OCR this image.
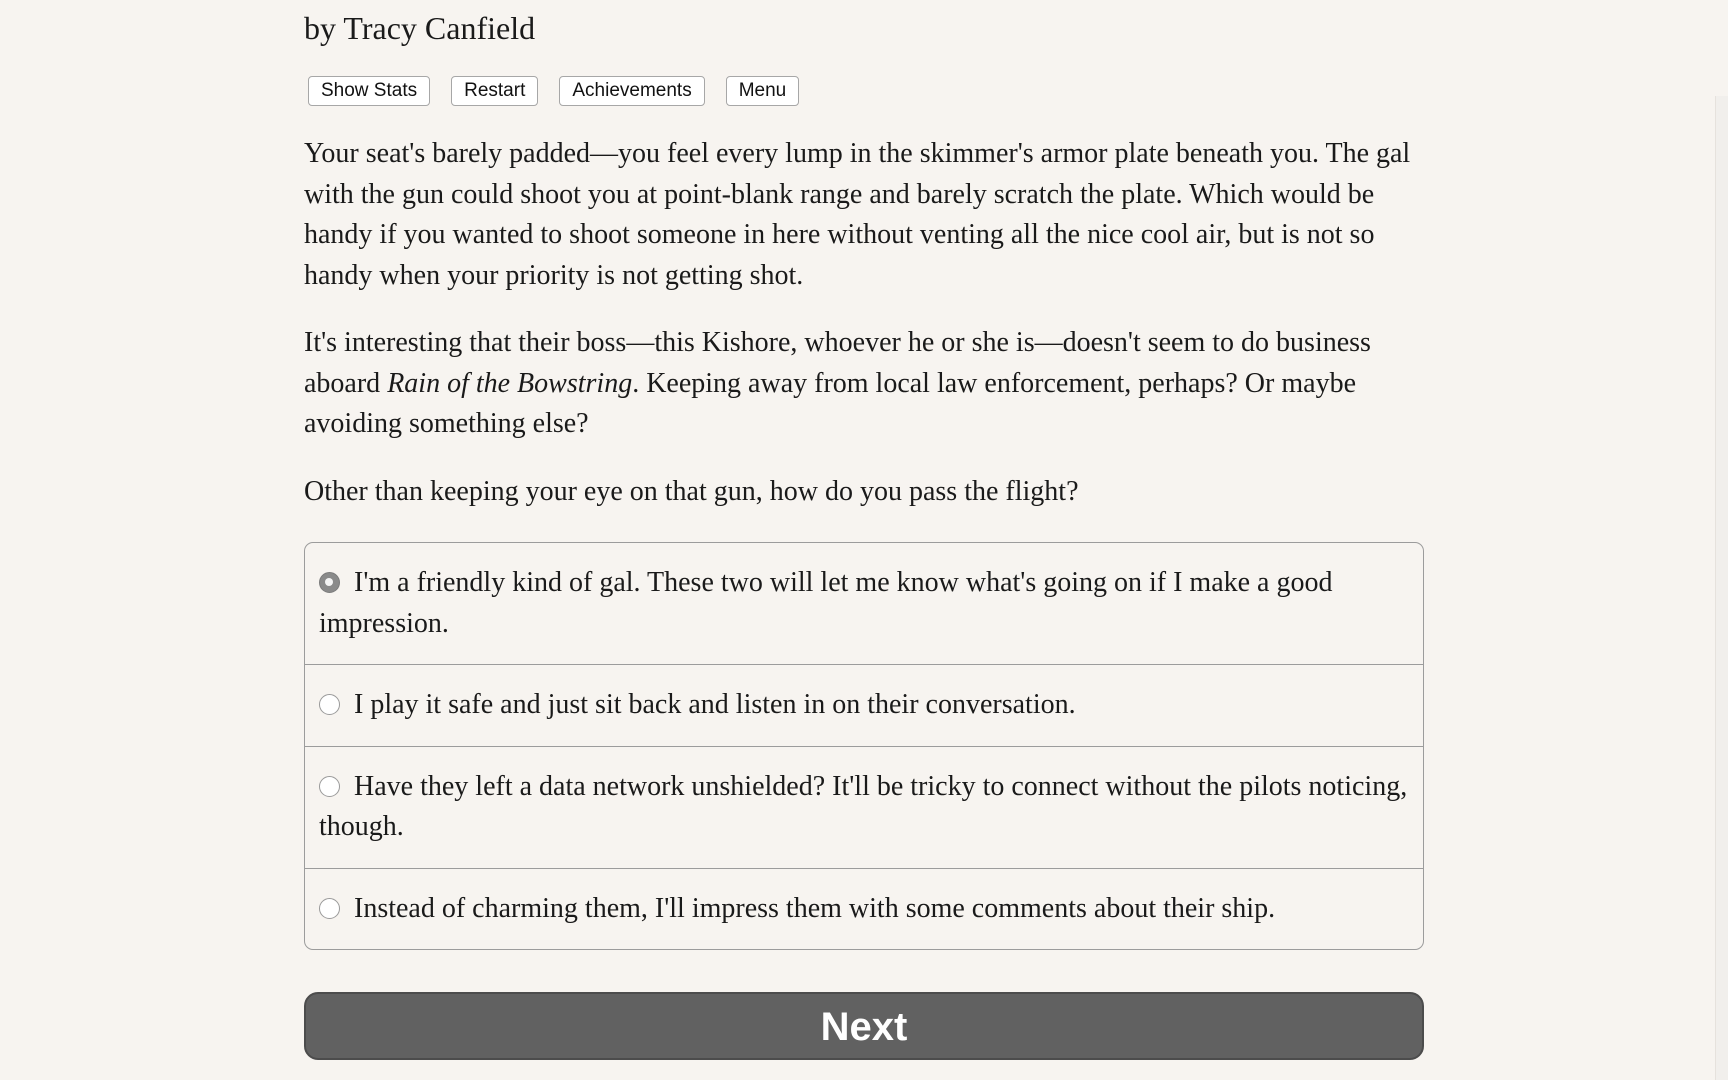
by Tracy Canfield
Show Stats	Restart	Achievements	Menu

Your seat's barely padded—you feel every lump in the skimmer's armor plate beneath you. The gal with the gun could shoot you at point-blank range and barely scratch the plate. Which would be handy if you wanted to shoot someone in here without venting all the nice cool air, but is not so handy when your priority is not getting shot.

It's interesting that their boss—this Kishore, whoever he or she is—doesn't seem to do business aboard Rain of the Bowstring. Keeping away from local law enforcement, perhaps? Or maybe avoiding something else?

Other than keeping your eye on that gun, how do you pass the flight?

I'm a friendly kind of gal. These two will let me know what's going on if I make a good impression.
I play it safe and just sit back and listen in on their conversation.
Have they left a data network unshielded? It'll be tricky to connect without the pilots noticing, though.
Instead of charming them, I'll impress them with some comments about their ship.
Next
